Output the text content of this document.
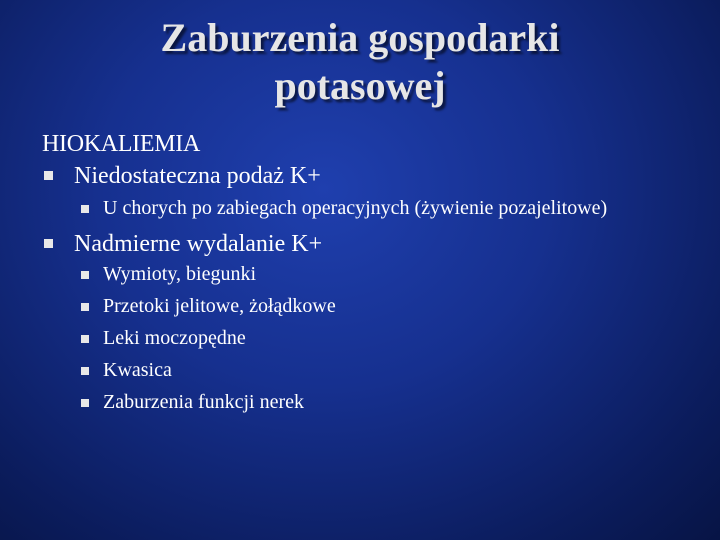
Zaburzenia gospodarki
potasowej
HIOKALIEMIA
Niedostateczna podaż K+
U chorych po zabiegach operacyjnych (żywienie pozajelitowe)
Nadmierne wydalanie K+
Wymioty, biegunki
Przetoki jelitowe, żołądkowe
Leki moczopędne
Kwasica
Zaburzenia funkcji nerek
